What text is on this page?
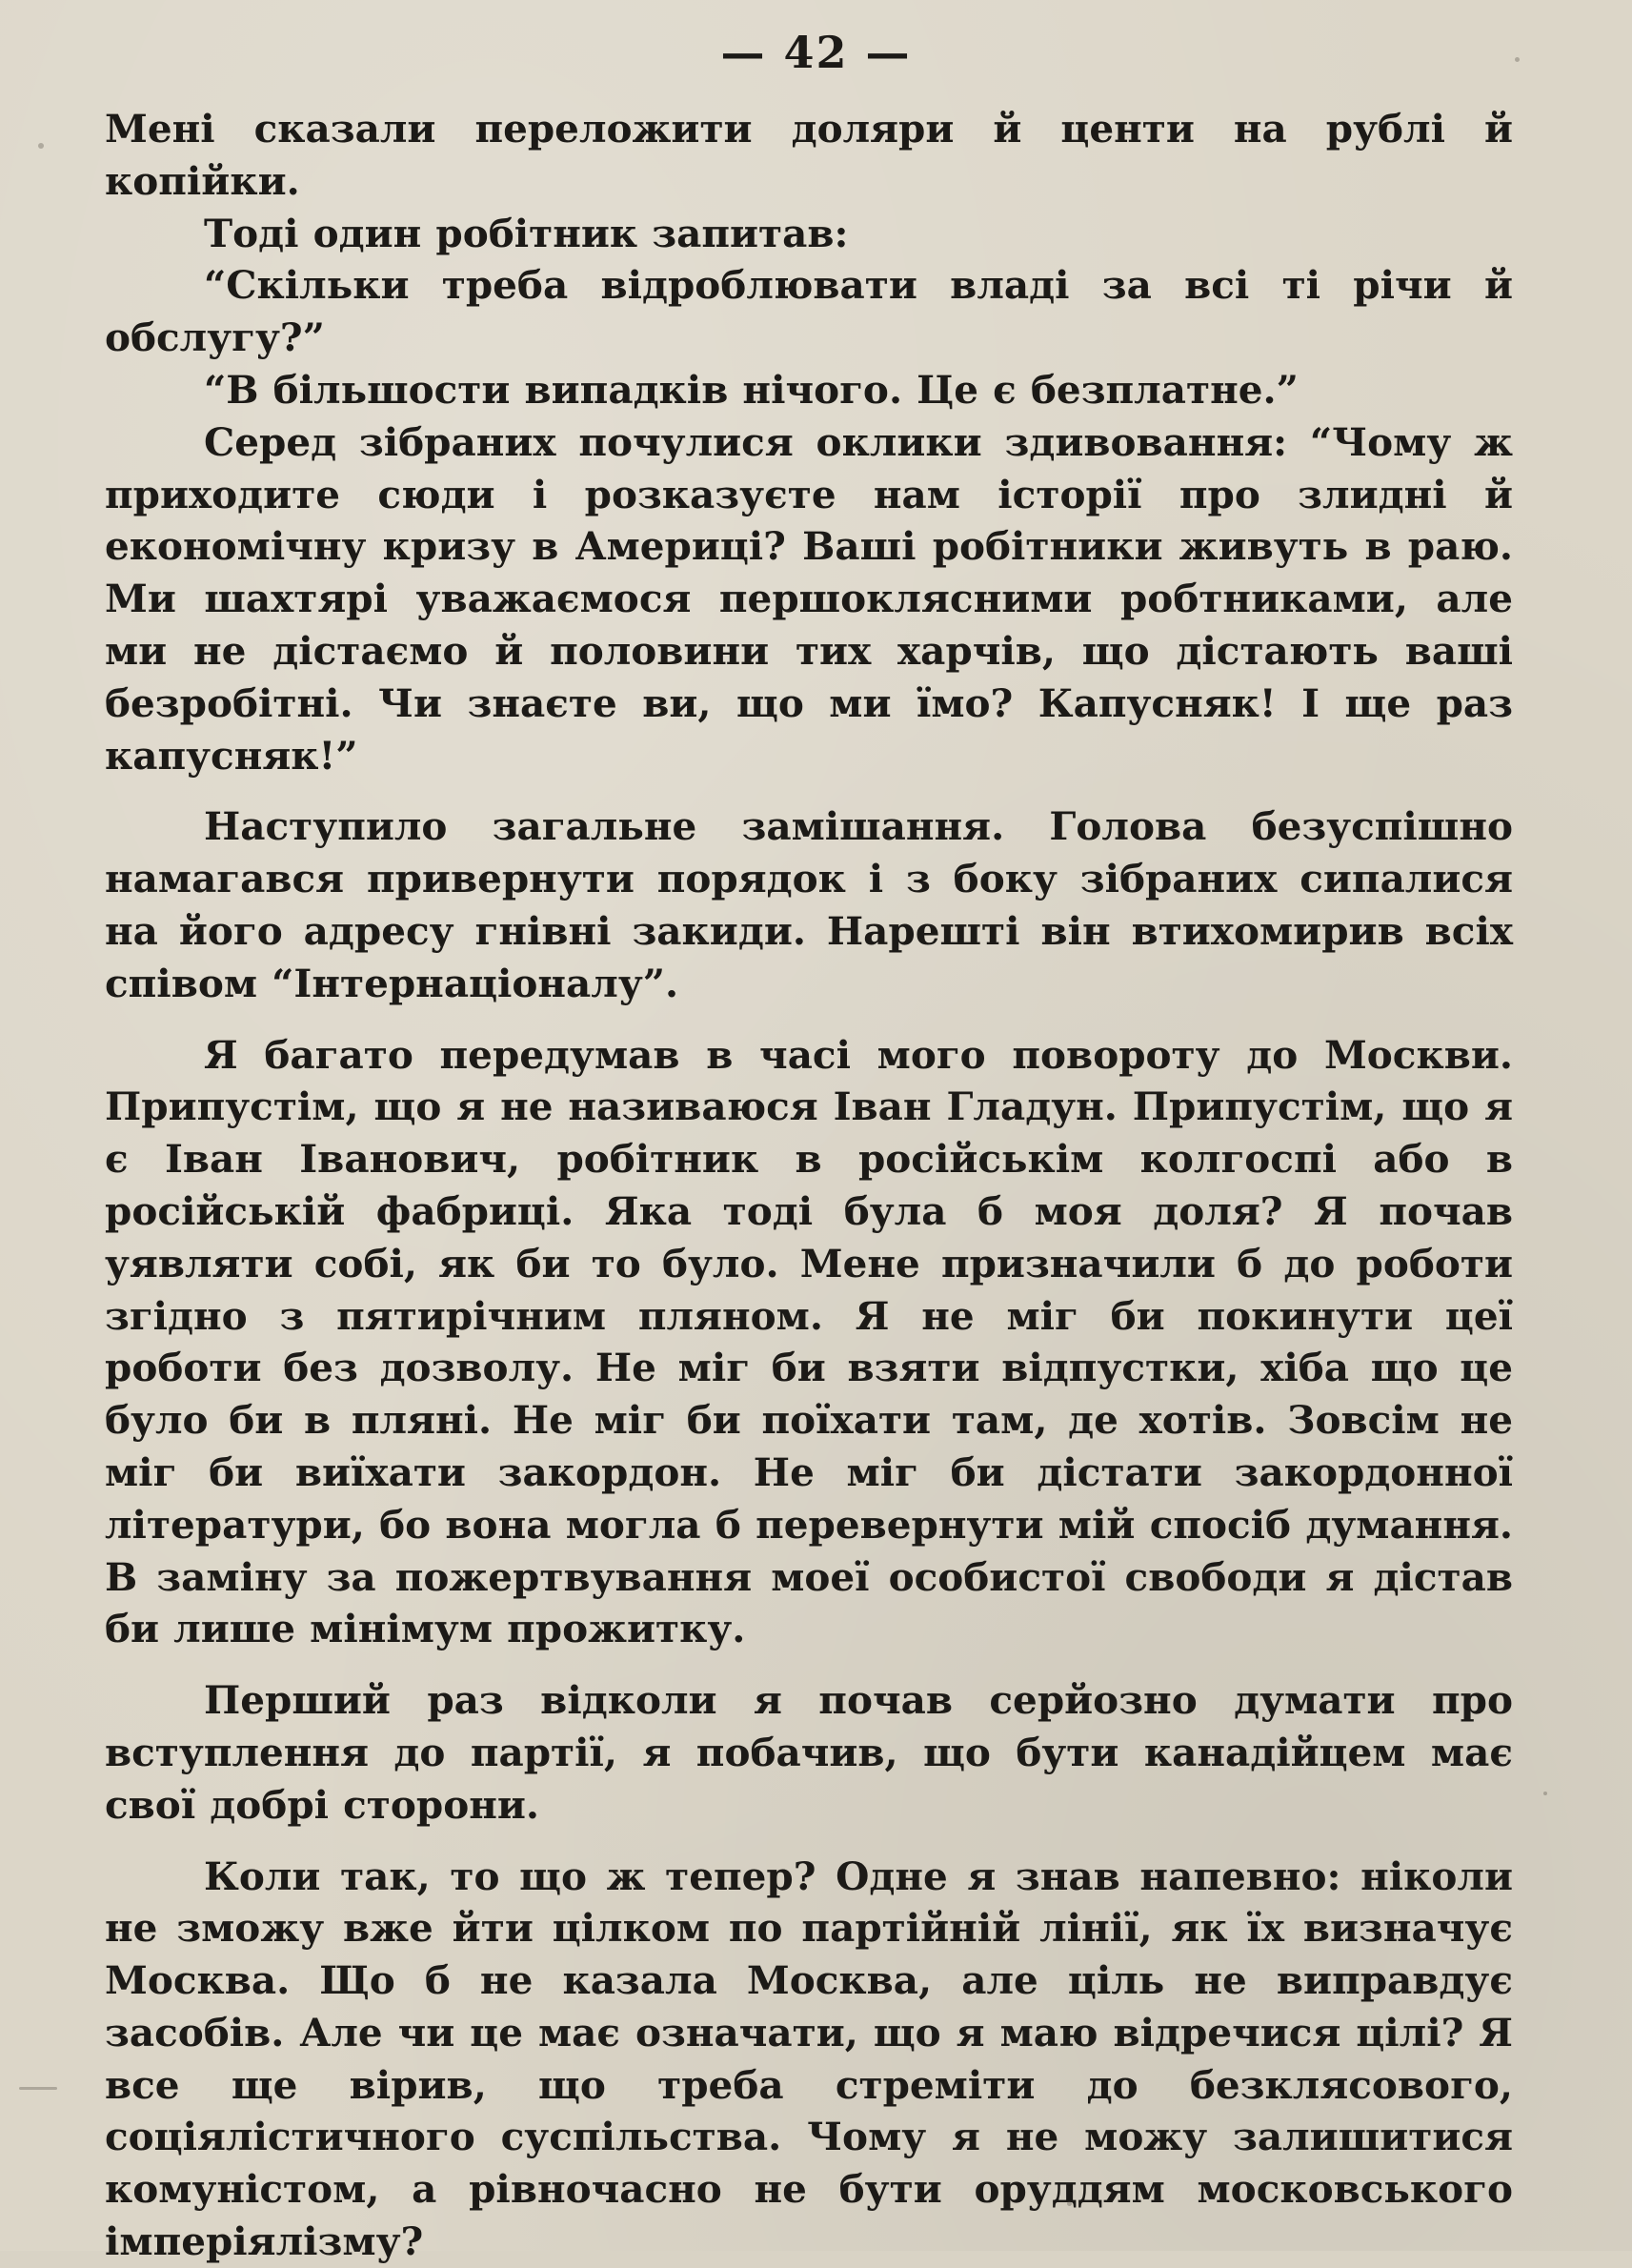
— 42 —

Мені сказали переложити доляри й центи на рублі й копійки.

Тоді один робітник запитав:

“Скільки треба відроблювати владі за всі ті річи й обслугу?”

“В більшости випадків нічого. Це є безплатне.”

Серед зібраних почулися оклики здивовання: “Чому ж приходите сюди і розказуєте нам історії про злидні й економічну кризу в Америці? Ваші робітники живуть в раю. Ми шахтярі уважаємося першоклясними робтниками, але ми не дістаємо й половини тих харчів, що дістають ваші безробітні. Чи знаєте ви, що ми їмо? Капусняк! І ще раз капусняк!”

Наступило загальне замішання. Голова безуспішно намагався привернути порядок і з боку зібраних сипалися на його адресу гнівні закиди. Нарешті він втихомирив всіх співом “Інтернаціоналу”.

Я багато передумав в часі мого повороту до Москви. Припустім, що я не називаюся Іван Гладун. Припустім, що я є Іван Іванович, робітник в російськім колгоспі або в російській фабриці. Яка тоді була б моя доля? Я почав уявляти собі, як би то було. Мене призначили б до роботи згідно з пятирічним пляном. Я не міг би покинути цеї роботи без дозволу. Не міг би взяти відпустки, хіба що це було би в пляні. Не міг би поїхати там, де хотів. Зовсім не міг би виїхати закордон. Не міг би дістати закордонної літератури, бо вона могла б перевернути мій спосіб думання. В заміну за пожертвування моеї особистої свободи я дістав би лише мінімум прожитку.

Перший раз відколи я почав серйозно думати про вступлення до партії, я побачив, що бути канадійцем має свої добрі сторони.

Коли так, то що ж тепер? Одне я знав напевно: ніколи не зможу вже йти цілком по партійній лінії, як їх визначує Москва. Що б не казала Москва, але ціль не виправдує засобів. Але чи це має означати, що я маю відречися цілі? Я все ще вірив, що треба стреміти до безклясового, соціялістичного суспільства. Чому я не можу залишитися комуністом, а рівночасно не бути оруддям московського імперіялізму?
